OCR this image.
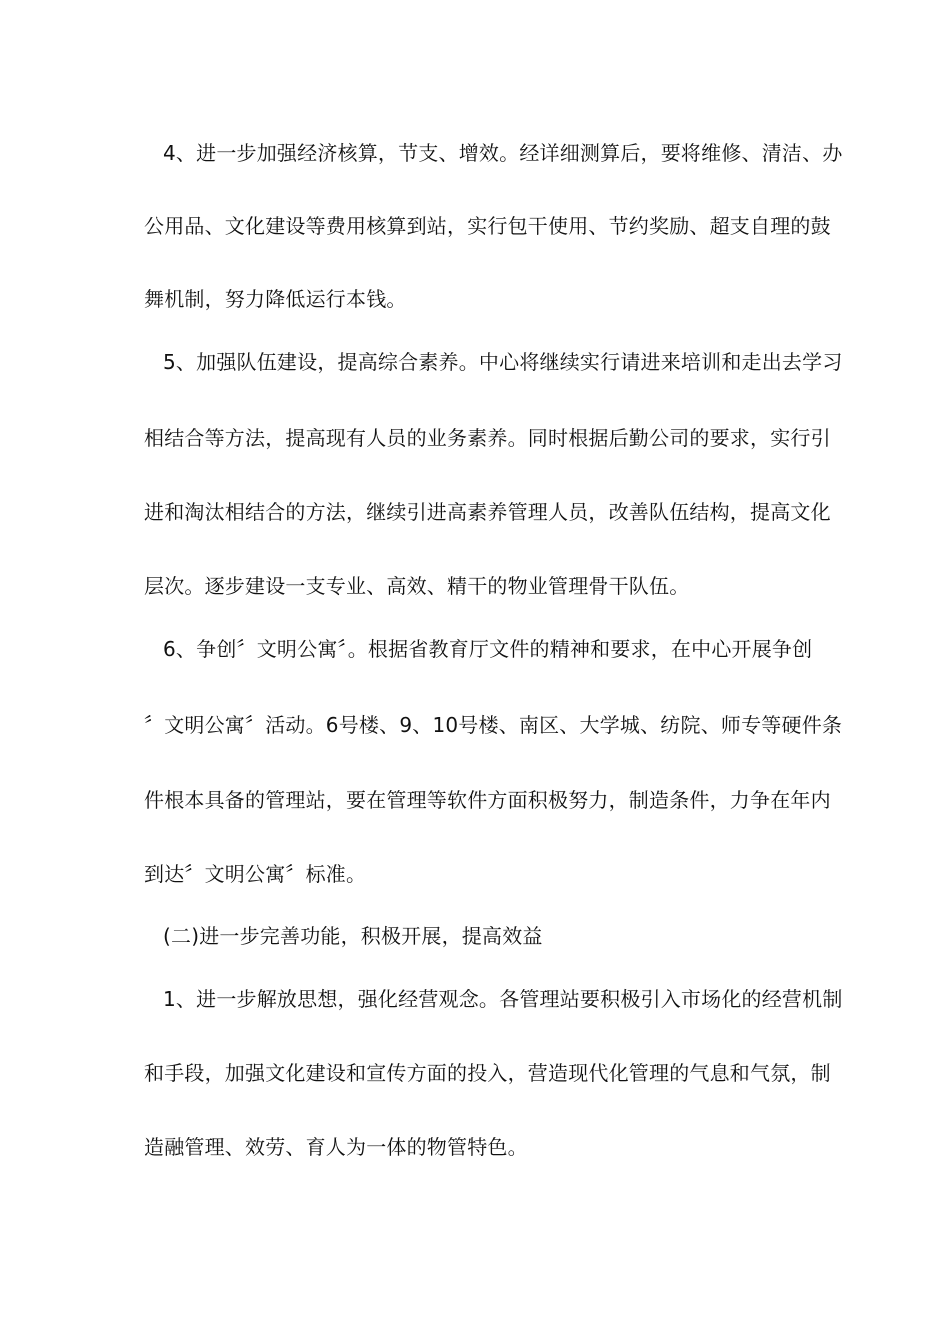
4、进一步加强经济核算，节支、增效。经详细测算后，要将维修、清洁、办
公用品、文化建设等费用核算到站，实行包干使用、节约奖励、超支自理的鼓
舞机制，努力降低运行本钱。
5、加强队伍建设，提高综合素养。中心将继续实行请进来培训和走出去学习
相结合等方法，提高现有人员的业务素养。同时根据后勤公司的要求，实行引
进和淘汰相结合的方法，继续引进高素养管理人员，改善队伍结构，提高文化
层次。逐步建设一支专业、高效、精干的物业管理骨干队伍。
6、争创〞文明公寓〞。根据省教育厅文件的精神和要求，在中心开展争创
〞文明公寓〞活动。6号楼、9、10号楼、南区、大学城、纺院、师专等硬件条
件根本具备的管理站，要在管理等软件方面积极努力，制造条件，力争在年内
到达〞文明公寓〞标准。
(二)进一步完善功能，积极开展，提高效益
1、进一步解放思想，强化经营观念。各管理站要积极引入市场化的经营机制
和手段，加强文化建设和宣传方面的投入，营造现代化管理的气息和气氛，制
造融管理、效劳、育人为一体的物管特色。
